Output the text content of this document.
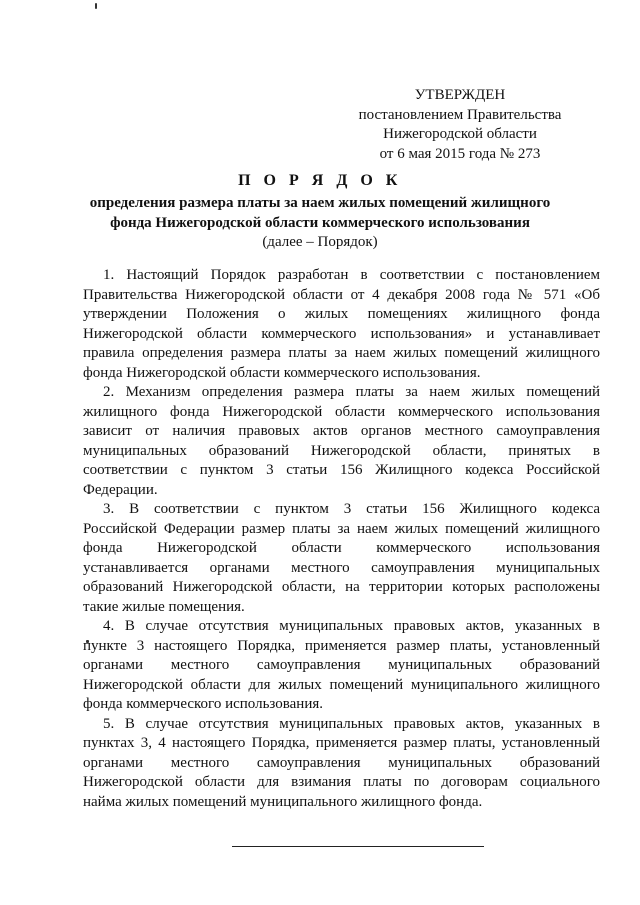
УТВЕРЖДЕН
постановлением Правительства
Нижегородской области
от 6 мая 2015 года № 273
П О Р Я Д О К
определения размера платы за наем жилых помещений жилищного
фонда Нижегородской области коммерческого использования
(далее – Порядок)
1. Настоящий Порядок разработан в соответствии с постановлением
Правительства Нижегородской области от 4 декабря 2008 года № 571 «Об
утверждении Положения о жилых помещениях жилищного фонда
Нижегородской области коммерческого использования» и устанавливает
правила определения размера платы за наем жилых помещений жилищного
фонда Нижегородской области коммерческого использования.
2. Механизм определения размера платы за наем жилых помещений
жилищного фонда Нижегородской области коммерческого использования
зависит от наличия правовых актов органов местного самоуправления
муниципальных образований Нижегородской области, принятых в
соответствии с пунктом 3 статьи 156 Жилищного кодекса Российской
Федерации.
3. В соответствии с пунктом 3 статьи 156 Жилищного кодекса
Российской Федерации размер платы за наем жилых помещений жилищного
фонда Нижегородской области коммерческого использования
устанавливается органами местного самоуправления муниципальных
образований Нижегородской области, на территории которых расположены
такие жилые помещения.
4. В случае отсутствия муниципальных правовых актов, указанных в
пункте 3 настоящего Порядка, применяется размер платы, установленный
органами местного самоуправления муниципальных образований
Нижегородской области для жилых помещений муниципального жилищного
фонда коммерческого использования.
5. В случае отсутствия муниципальных правовых актов, указанных в
пунктах 3, 4 настоящего Порядка, применяется размер платы, установленный
органами местного самоуправления муниципальных образований
Нижегородской области для взимания платы по договорам социального
найма жилых помещений муниципального жилищного фонда.
